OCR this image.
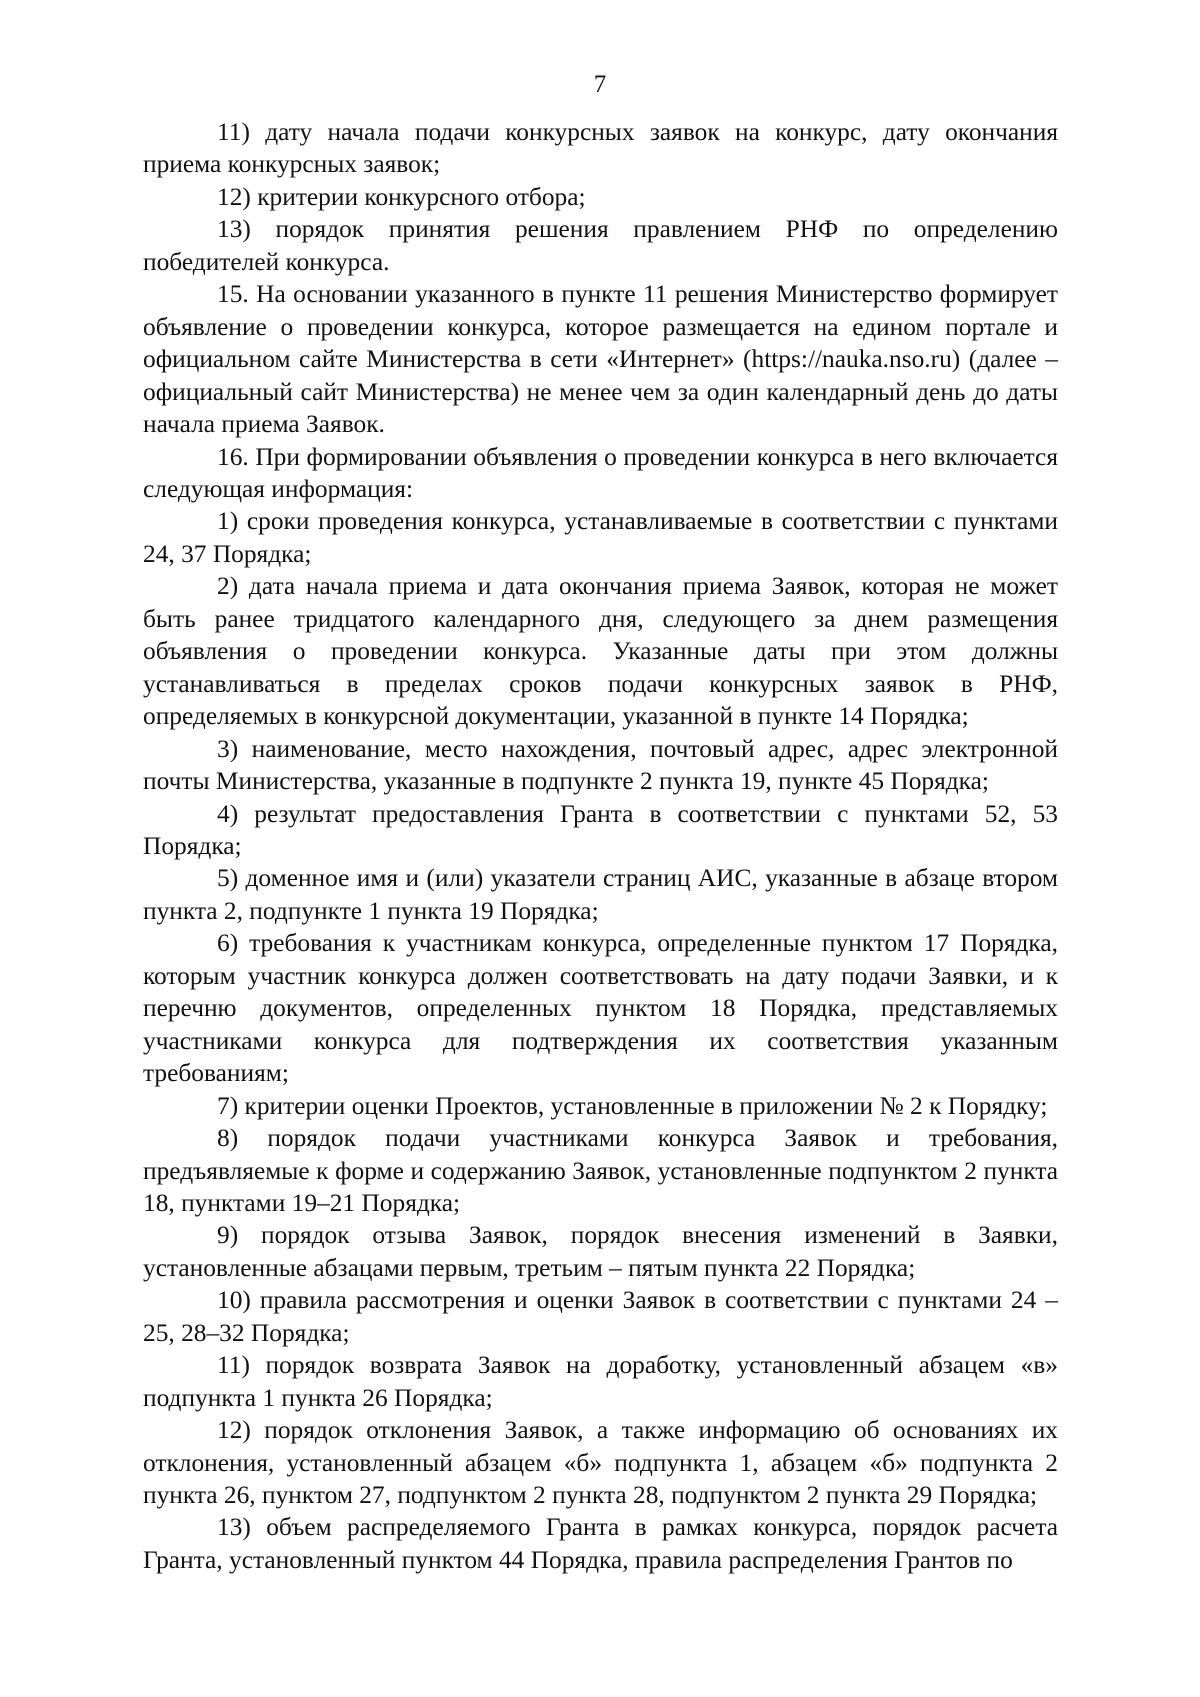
7

11) дату начала подачи конкурсных заявок на конкурс, дату окончания приема конкурсных заявок;

12) критерии конкурсного отбора;

13) порядок принятия решения правлением РНФ по определению победителей конкурса.

15. На основании указанного в пункте 11 решения Министерство формирует объявление о проведении конкурса, которое размещается на едином портале и официальном сайте Министерства в сети «Интернет» (https://nauka.nso.ru) (далее – официальный сайт Министерства) не менее чем за один календарный день до даты начала приема Заявок.

16. При формировании объявления о проведении конкурса в него включается следующая информация:

1) сроки проведения конкурса, устанавливаемые в соответствии с пунктами 24, 37 Порядка;

2) дата начала приема и дата окончания приема Заявок, которая не может быть ранее тридцатого календарного дня, следующего за днем размещения объявления о проведении конкурса. Указанные даты при этом должны устанавливаться в пределах сроков подачи конкурсных заявок в РНФ, определяемых в конкурсной документации, указанной в пункте 14 Порядка;

3) наименование, место нахождения, почтовый адрес, адрес электронной почты Министерства, указанные в подпункте 2 пункта 19, пункте 45 Порядка;

4) результат предоставления Гранта в соответствии с пунктами 52, 53 Порядка;

5) доменное имя и (или) указатели страниц АИС, указанные в абзаце втором пункта 2, подпункте 1 пункта 19 Порядка;

6) требования к участникам конкурса, определенные пунктом 17 Порядка, которым участник конкурса должен соответствовать на дату подачи Заявки, и к перечню документов, определенных пунктом 18 Порядка, представляемых участниками конкурса для подтверждения их соответствия указанным требованиям;

7) критерии оценки Проектов, установленные в приложении № 2 к Порядку;

8) порядок подачи участниками конкурса Заявок и требования, предъявляемые к форме и содержанию Заявок, установленные подпунктом 2 пункта 18, пунктами 19–21 Порядка;

9) порядок отзыва Заявок, порядок внесения изменений в Заявки, установленные абзацами первым, третьим – пятым пункта 22 Порядка;

10) правила рассмотрения и оценки Заявок в соответствии с пунктами 24 –25, 28–32 Порядка;

11) порядок возврата Заявок на доработку, установленный абзацем «в» подпункта 1 пункта 26 Порядка;

12) порядок отклонения Заявок, а также информацию об основаниях их отклонения, установленный абзацем «б» подпункта 1, абзацем «б» подпункта 2 пункта 26, пунктом 27, подпунктом 2 пункта 28, подпунктом 2 пункта 29 Порядка;

13) объем распределяемого Гранта в рамках конкурса, порядок расчета Гранта, установленный пунктом 44 Порядка, правила распределения Грантов по
